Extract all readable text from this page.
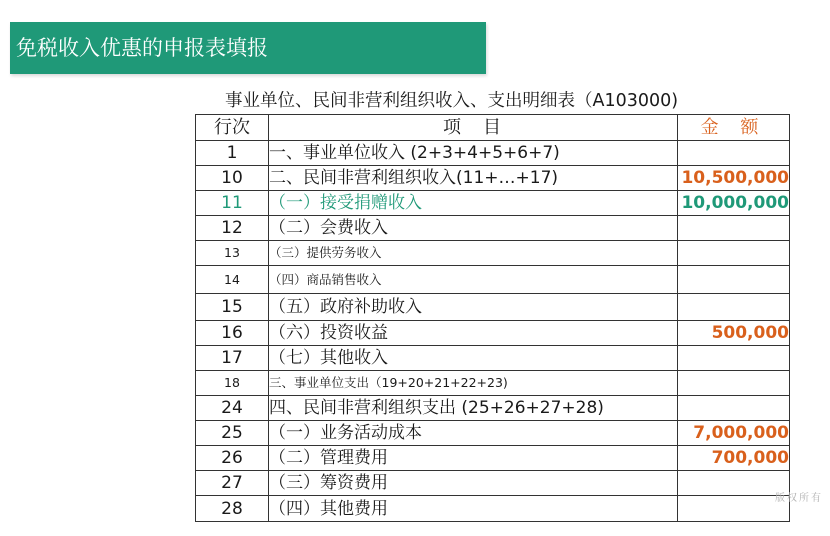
免税收入优惠的申报表填报
事业单位、民间非营利组织收入、支出明细表（A103000)
行次	项　目	金 额
1	一、事业单位收入 (2+3+4+5+6+7)	
10	二、民间非营利组织收入(11+…+17)	10,500,000
11	（一）接受捐赠收入	10,000,000
12	（二）会费收入	
13	（三）提供劳务收入	
14	（四）商品销售收入	
15	（五）政府补助收入	
16	（六）投资收益	500,000
17	（七）其他收入	
18	三、事业单位支出（19+20+21+22+23)	
24	四、民间非营利组织支出 (25+26+27+28)	
25	（一）业务活动成本	7,000,000
26	（二）管理费用	700,000
27	（三）筹资费用	
28	（四）其他费用		版权所有
